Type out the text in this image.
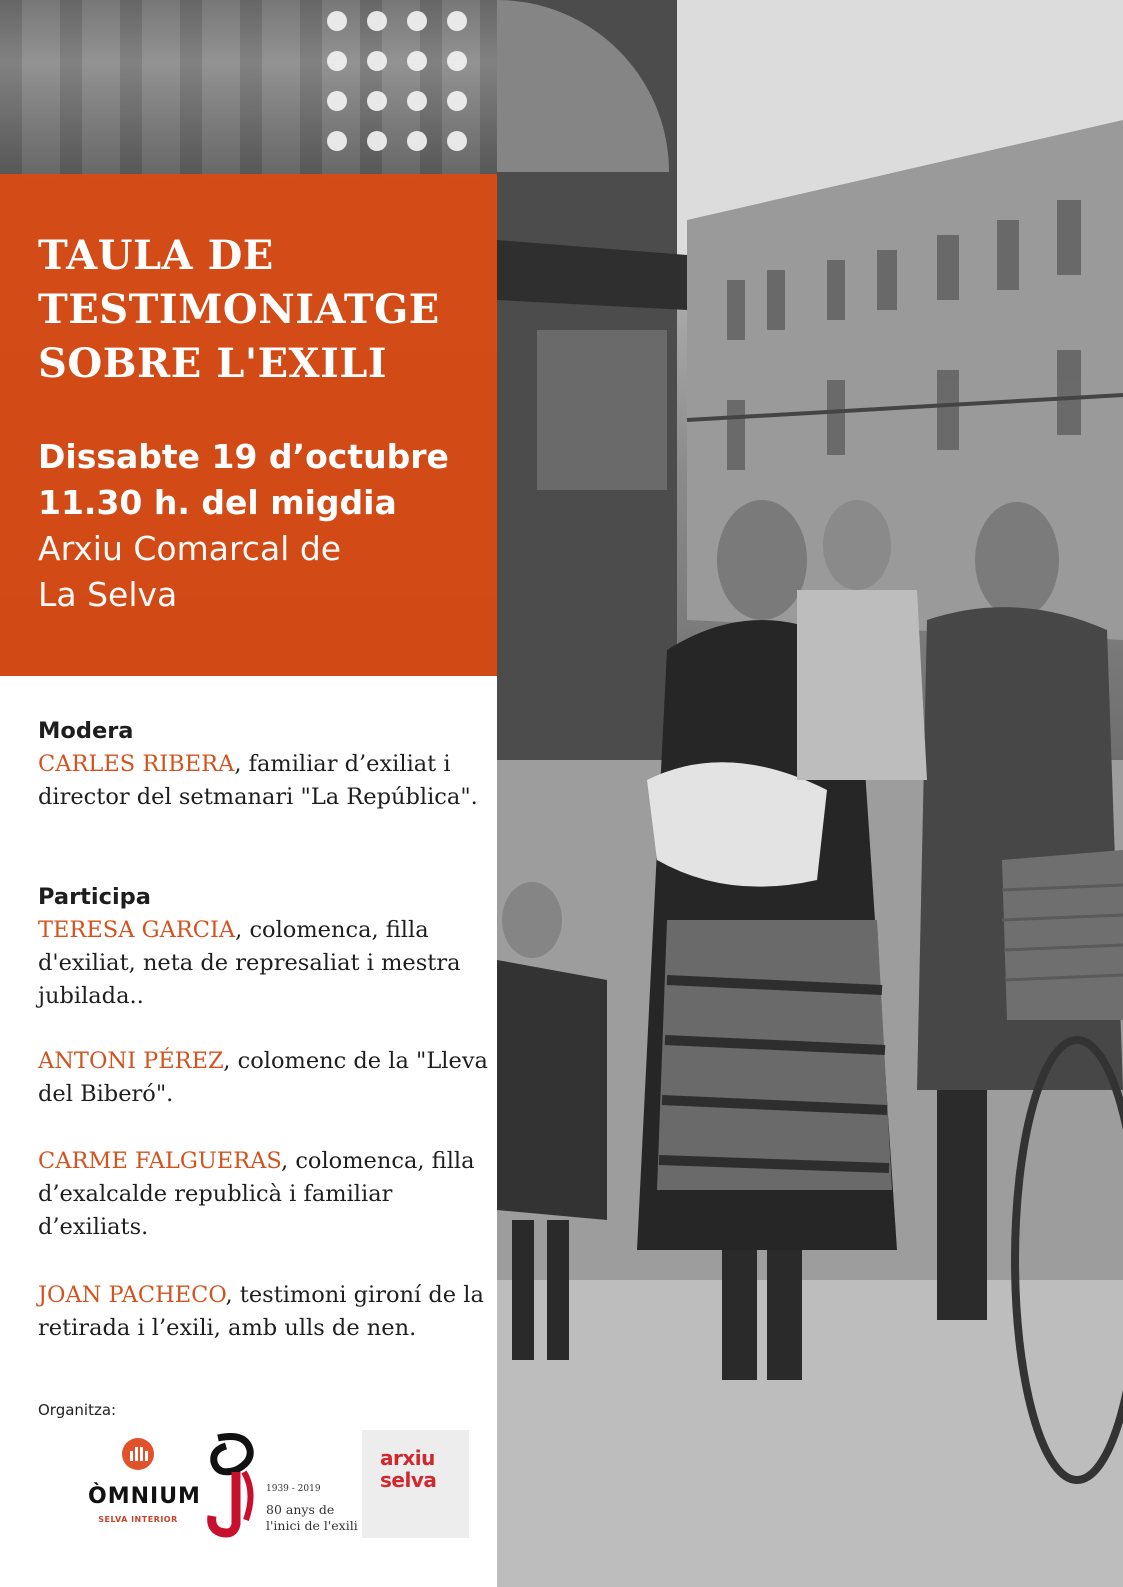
TAULA DE
TESTIMONIATGE
SOBRE L'EXILI
Dissabte 19 d’octubre
11.30 h. del migdia
Arxiu Comarcal de
La Selva
Modera
CARLES RIBERA, familiar d’exiliat i director del setmanari "La República".
Participa
TERESA GARCIA, colomenca, filla d'exiliat, neta de represaliat i mestra jubilada..
ANTONI PÉREZ, colomenc de la "Lleva del Biberó".
CARME FALGUERAS, colomenca, filla d’exalcalde republicà i familiar d’exiliats.
JOAN PACHECO, testimoni gironí de la retirada i l’exili, amb ulls de nen.
Organitza:
ÒMNIUM
SELVA INTERIOR
1939 - 2019
80 anys de
l'inici de l'exili
arxiu
selva
